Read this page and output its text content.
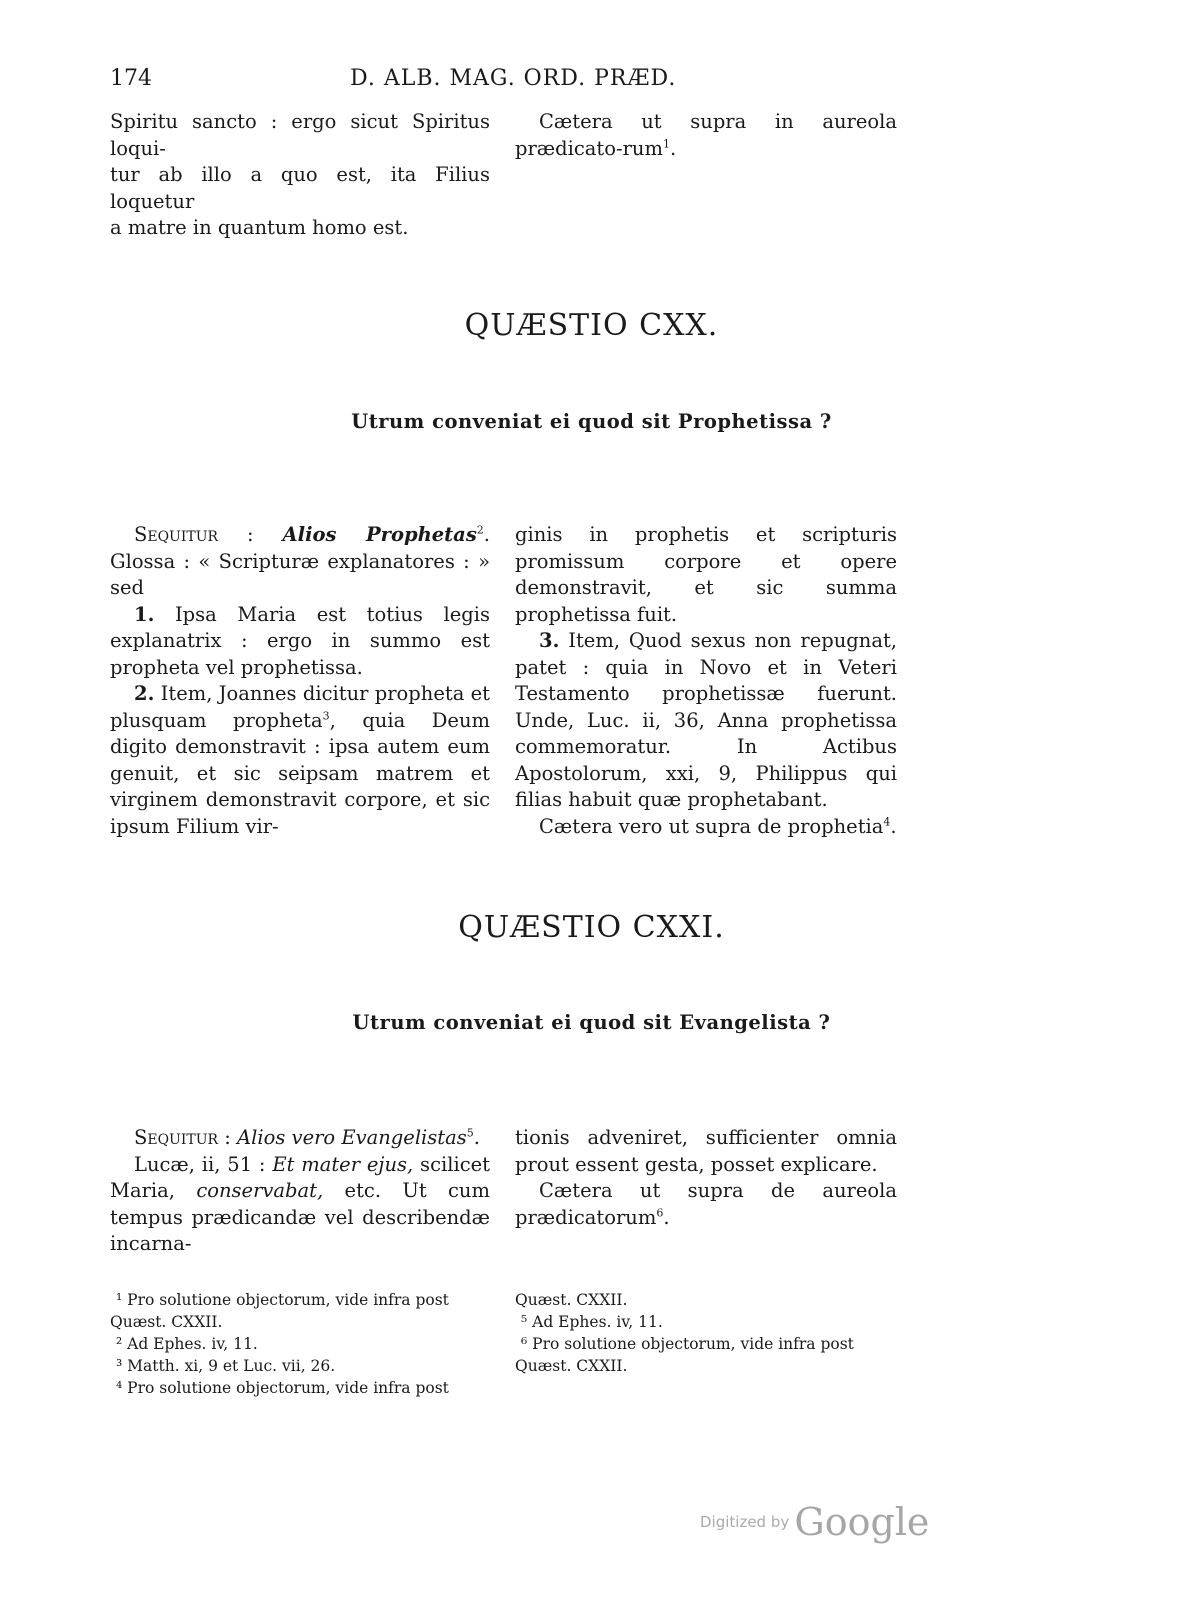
174	D. ALB. MAG. ORD. PRÆD.
Spiritu sancto : ergo sicut Spiritus loqui-
tur ab illo a quo est, ita Filius loquetur
a matre in quantum homo est.

Cætera ut supra in aureola prædicato-rum$^1$.

QUÆSTIO CXX.
Utrum conveniat ei quod sit Prophetissa ?

Sequitur : Alios Prophetas$^2$. Glossa : « Scripturæ explanatores : » sed

1. Ipsa Maria est totius legis explanatrix : ergo in summo est propheta vel prophetissa.

2. Item, Joannes dicitur propheta et plusquam propheta$^3$, quia Deum digito demonstravit : ipsa autem eum genuit, et sic seipsam matrem et virginem demonstravit corpore, et sic ipsum Filium vir-

ginis in prophetis et scripturis promissum corpore et opere demonstravit, et sic summa prophetissa fuit.

3. Item, Quod sexus non repugnat, patet : quia in Novo et in Veteri Testamento prophetissæ fuerunt. Unde, Luc. ii, 36, Anna prophetissa commemoratur. In Actibus Apostolorum, xxi, 9, Philippus qui filias habuit quæ prophetabant.

Cætera vero ut supra de prophetia$^4$.

QUÆSTIO CXXI.
Utrum conveniat ei quod sit Evangelista ?

Sequitur : Alios vero Evangelistas$^5$.

Lucæ, ii, 51 : Et mater ejus, scilicet Maria, conservabat, etc. Ut cum tempus prædicandæ vel describendæ incarna-

tionis adveniret, sufficienter omnia prout essent gesta, posset explicare.

Cætera ut supra de aureola prædicatorum$^6$.

¹ Pro solutione objectorum, vide infra post Quæst. CXXII.

² Ad Ephes. iv, 11.

³ Matth. xi, 9 et Luc. vii, 26.

⁴ Pro solutione objectorum, vide infra post

Quæst. CXXII.

⁵ Ad Ephes. iv, 11.

⁶ Pro solutione objectorum, vide infra post Quæst. CXXII.

Digitized by Google
